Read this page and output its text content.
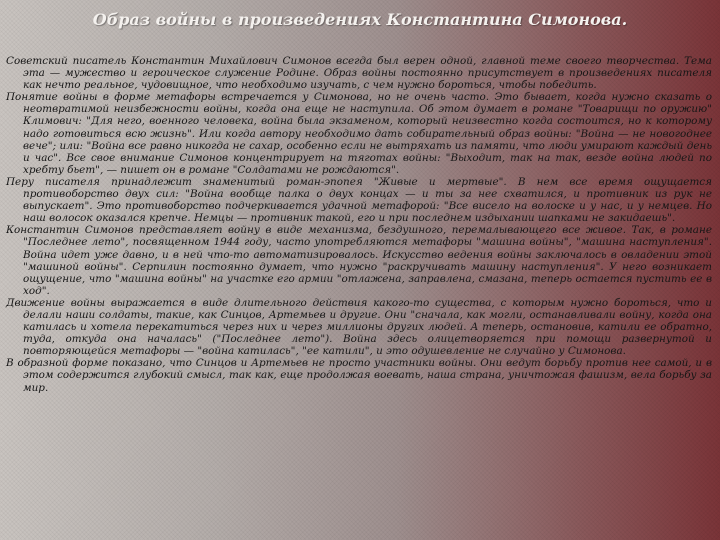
Образ войны в произведениях Константина Симонова.

Советский писатель Константин Михайлович Симонов всегда был верен одной, главной теме своего творчества. Тема эта — мужество и героическое служение Родине. Образ войны постоянно присутствует в произведениях писателя как нечто реальное, чудовищное, что необходимо изучать, с чем нужно бороться, чтобы победить.

Понятие войны в форме метафоры встречается у Симонова, но не очень часто. Это бывает, когда нужно сказать о неотвратимой неизбежности войны, когда она еще не наступила. Об этом думает в романе "Товарищи по оружию" Климович: "Для него, военного человека, война была экзаменом, который неизвестно когда состоится, но к которому надо готовиться всю жизнь". Или когда автору необходимо дать собирательный образ войны: "Война — не новогоднее вече"; или: "Война все равно никогда не сахар, особенно если не вытряхать из памяти, что люди умирают каждый день и час". Все свое внимание Симонов концентрирует на тяготах войны: "Выходит, так на так, везде война людей по хребту бьет", — пишет он в романе "Солдатами не рождаются".

Перу писателя принадлежит знаменитый роман-эпопея "Живые и мертвые". В нем все время ощущается противоборство двух сил: "Война вообще палка о двух концах — и ты за нее схватился, и противник из рук не выпускает". Это противоборство подчеркивается удачной метафорой: "Все висело на волоске и у нас, и у немцев. Но наш волосок оказался крепче. Немцы — противник такой, его и при последнем издыхании шапками не закидаешь".

Константин Симонов представляет войну в виде механизма, бездушного, перемалывающего все живое. Так, в романе "Последнее лето", посвященном 1944 году, часто употребляются метафоры "машина войны", "машина наступления". Война идет уже давно, и в ней что-то автоматизировалось. Искусство ведения войны заключалось в овладении этой "машиной войны". Серпилин постоянно думает, что нужно "раскручивать машину наступления". У него возникает ощущение, что "машина войны" на участке его армии "отлажена, заправлена, смазана, теперь остается пустить ее в ход".

Движение войны выражается в виде длительного действия какого-то существа, с которым нужно бороться, что и делали наши солдаты, такие, как Синцов, Артемьев и другие. Они "сначала, как могли, останавливали войну, когда она катилась и хотела перекатиться через них и через миллионы других людей. А теперь, остановив, катили ее обратно, туда, откуда она началась" ("Последнее лето"). Война здесь олицетворяется при помощи развернутой и повторяющейся метафоры — "война катилась", "ее катили", и это одушевление не случайно у Симонова.

В образной форме показано, что Синцов и Артемьев не просто участники войны. Они ведут борьбу против нее самой, и в этом содержится глубокий смысл, так как, еще продолжая воевать, наша страна, уничтожая фашизм, вела борьбу за мир.
